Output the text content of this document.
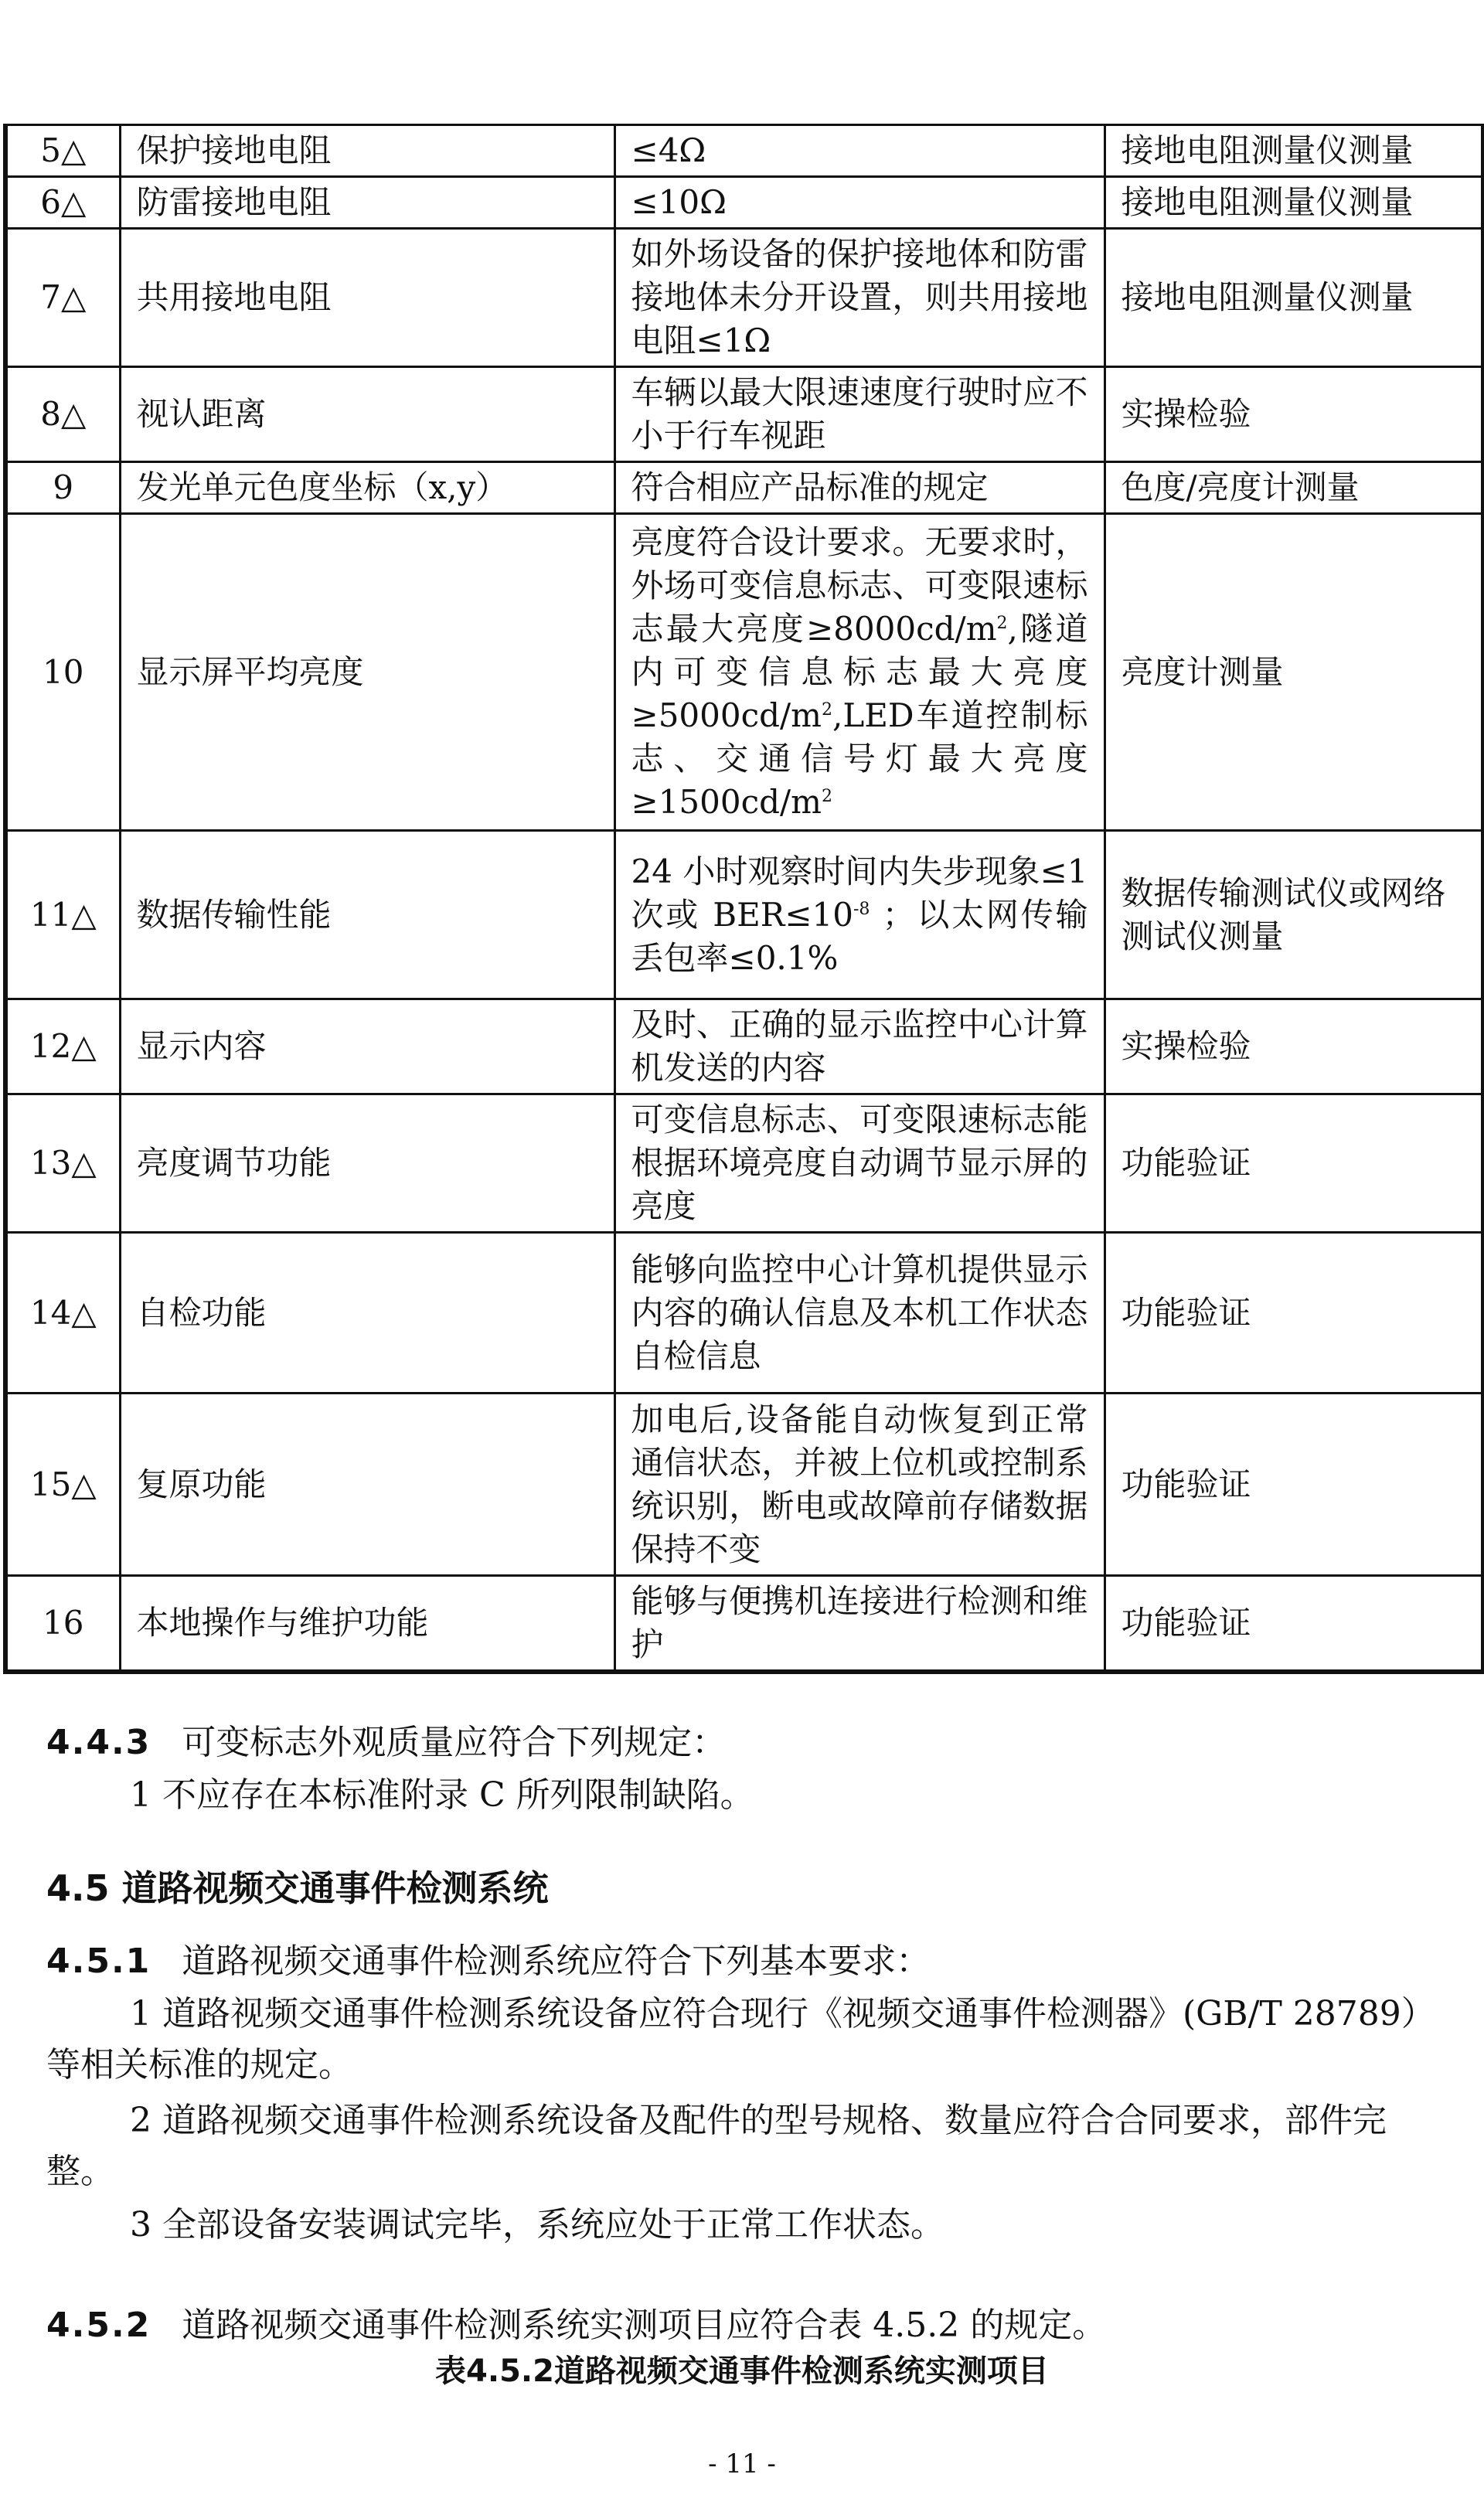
5△	保护接地电阻	≤4Ω	接地电阻测量仪测量
6△	防雷接地电阻	≤10Ω	接地电阻测量仪测量
7△	共用接地电阻	如外场设备的保护接地体和防雷接地体未分开设置，则共用接地电阻≤1Ω	接地电阻测量仪测量
8△	视认距离	车辆以最大限速速度行驶时应不小于行车视距	实操检验
9	发光单元色度坐标（x,y）	符合相应产品标准的规定	色度/亮度计测量
10	显示屏平均亮度	亮度符合设计要求。无要求时，外场可变信息标志、可变限速标志最大亮度$\ge 8000cd/m^2$,隧道内可变信息标志最大亮度$\ge 5000cd/m^2,LED$车道控制标志、交通信号灯最大亮度$\ge 1500cd/m^2$	亮度计测量
11△	数据传输性能	24 小时观察时间内失步现象≤1 次或 $BER\le 10^{-8}$ ；以太网传输丢包率≤0.1%	数据传输测试仪或网络测试仪测量
12△	显示内容	及时、正确的显示监控中心计算机发送的内容	实操检验
13△	亮度调节功能	可变信息标志、可变限速标志能根据环境亮度自动调节显示屏的亮度	功能验证
14△	自检功能	能够向监控中心计算机提供显示内容的确认信息及本机工作状态自检信息	功能验证
15△	复原功能	加电后,设备能自动恢复到正常通信状态，并被上位机或控制系统识别，断电或故障前存储数据保持不变	功能验证
16	本地操作与维护功能	能够与便携机连接进行检测和维护	功能验证
4.4.3 可变标志外观质量应符合下列规定：
1 不应存在本标准附录 C 所列限制缺陷。
4.5 道路视频交通事件检测系统
4.5.1 道路视频交通事件检测系统应符合下列基本要求：
1 道路视频交通事件检测系统设备应符合现行《视频交通事件检测器》(GB/T 28789）等相关标准的规定。
2 道路视频交通事件检测系统设备及配件的型号规格、数量应符合合同要求，部件完整。
3 全部设备安装调试完毕，系统应处于正常工作状态。
4.5.2 道路视频交通事件检测系统实测项目应符合表 4.5.2 的规定。
表4.5.2道路视频交通事件检测系统实测项目
- 11 -
